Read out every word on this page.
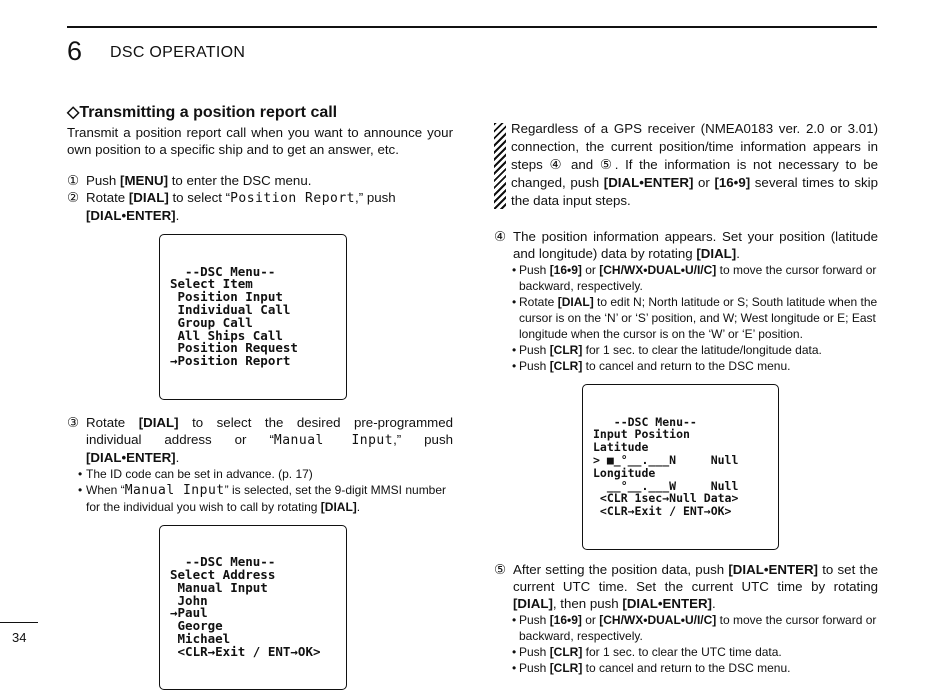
6 DSC OPERATION
◇Transmitting a position report call

Transmit a position report call when you want to announce your own position to a specific ship and to get an answer, etc.

① Push [MENU] to enter the DSC menu.
② Rotate [DIAL] to select “Position Report,” push
[DIAL•ENTER].

--DSC Menu--
Select Item
Position Input
Individual Call
Group Call
All Ships Call
Position Request
→Position Report

③ Rotate [DIAL] to select the desired pre-programmed individual address or “Manual Input,” push [DIAL•ENTER].
• The ID code can be set in advance. (p. 17)
• When “Manual Input” is selected, set the 9-digit MMSI number for the individual you wish to call by rotating [DIAL].

--DSC Menu--
Select Address
Manual Input
John
→Paul
George
Michael
<CLR→Exit / ENT→OK>

Regardless of a GPS receiver (NMEA0183 ver. 2.0 or 3.01) connection, the current position/time information appears in steps ④ and ⑤. If the information is not necessary to be changed, push [DIAL•ENTER] or [16•9] several times to skip the data input steps.
④ The position information appears. Set your position (latitude and longitude) data by rotating [DIAL].
• Push [16•9] or [CH/WX•DUAL•U/I/C] to move the cursor forward or backward, respectively.
• Rotate [DIAL] to edit N; North latitude or S; South latitude when the cursor is on the ‘N’ or ‘S’ position, and W; West longitude or E; East longitude when the cursor is on the ‘W’ or ‘E’ position.
• Push [CLR] for 1 sec. to clear the latitude/longitude data.
• Push [CLR] to cancel and return to the DSC menu.

--DSC Menu--
Input Position
Latitude
> ■_°__.___N     Null
Longitude
__°__.___W     Null
<CLR 1sec→Null Data>
<CLR→Exit / ENT→OK>

⑤ After setting the position data, push [DIAL•ENTER] to set the current UTC time. Set the current UTC time by rotating [DIAL], then push [DIAL•ENTER].
• Push [16•9] or [CH/WX•DUAL•U/I/C] to move the cursor forward or backward, respectively.
• Push [CLR] for 1 sec. to clear the UTC time data.
• Push [CLR] to cancel and return to the DSC menu.
34
